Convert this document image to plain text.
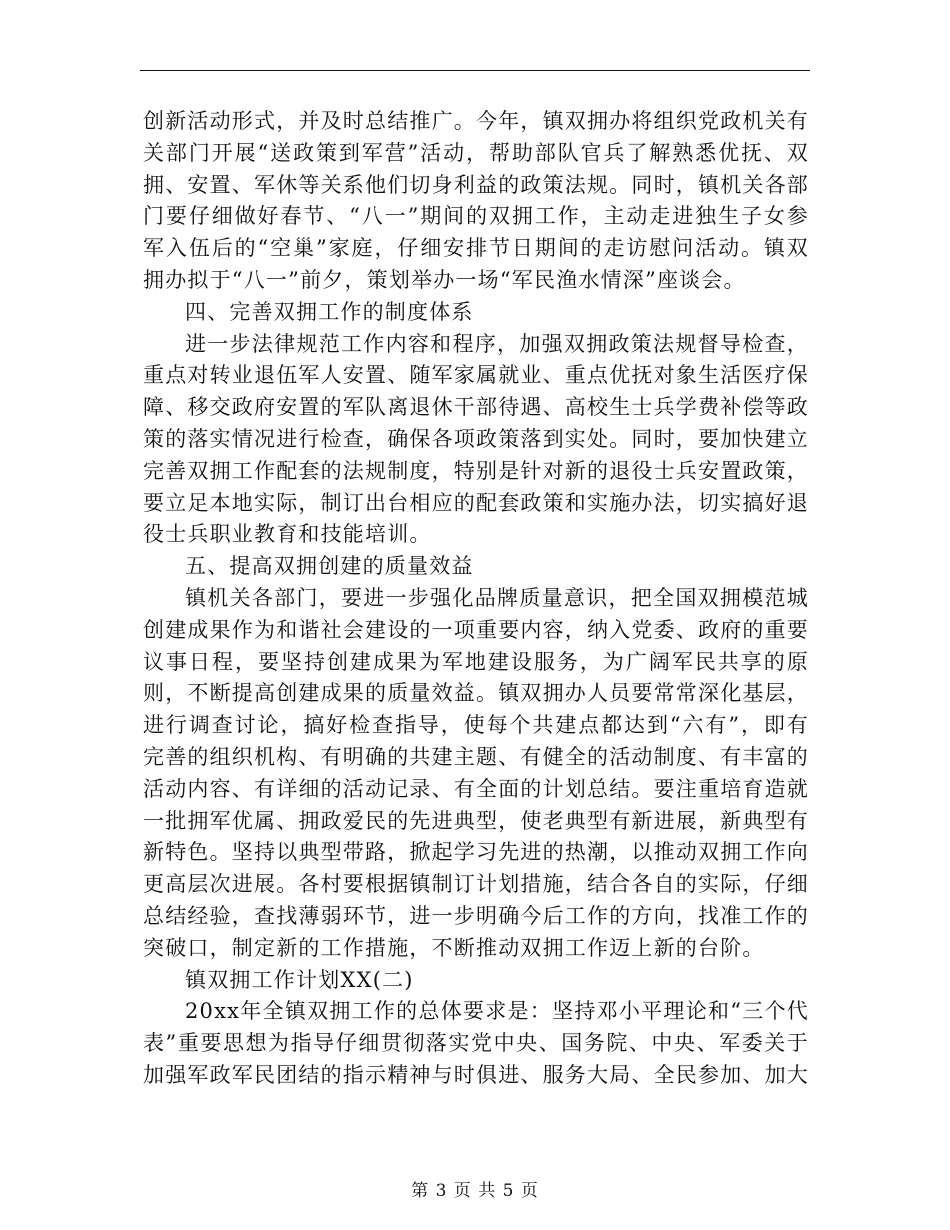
创新活动形式，并及时总结推广。今年，镇双拥办将组织党政机关有关部门开展“送政策到军营”活动，帮助部队官兵了解熟悉优抚、双拥、安置、军休等关系他们切身利益的政策法规。同时，镇机关各部门要仔细做好春节、“八一”期间的双拥工作，主动走进独生子女参军入伍后的“空巢”家庭，仔细安排节日期间的走访慰问活动。镇双拥办拟于“八一”前夕，策划举办一场“军民渔水情深”座谈会。

四、完善双拥工作的制度体系

进一步法律规范工作内容和程序，加强双拥政策法规督导检查，重点对转业退伍军人安置、随军家属就业、重点优抚对象生活医疗保障、移交政府安置的军队离退休干部待遇、高校生士兵学费补偿等政策的落实情况进行检查，确保各项政策落到实处。同时，要加快建立完善双拥工作配套的法规制度，特别是针对新的退役士兵安置政策，要立足本地实际，制订出台相应的配套政策和实施办法，切实搞好退役士兵职业教育和技能培训。

五、提高双拥创建的质量效益

镇机关各部门，要进一步强化品牌质量意识，把全国双拥模范城创建成果作为和谐社会建设的一项重要内容，纳入党委、政府的重要议事日程，要坚持创建成果为军地建设服务，为广阔军民共享的原则，不断提高创建成果的质量效益。镇双拥办人员要常常深化基层，进行调查讨论，搞好检查指导，使每个共建点都达到“六有”，即有完善的组织机构、有明确的共建主题、有健全的活动制度、有丰富的活动内容、有详细的活动记录、有全面的计划总结。要注重培育造就一批拥军优属、拥政爱民的先进典型，使老典型有新进展，新典型有新特色。坚持以典型带路，掀起学习先进的热潮，以推动双拥工作向更高层次进展。各村要根据镇制订计划措施，结合各自的实际，仔细总结经验，查找薄弱环节，进一步明确今后工作的方向，找准工作的突破口，制定新的工作措施，不断推动双拥工作迈上新的台阶。

镇双拥工作计划XX(二)

20xx年全镇双拥工作的总体要求是：坚持邓小平理论和“三个代表”重要思想为指导仔细贯彻落实党中央、国务院、中央、军委关于加强军政军民团结的指示精神与时俱进、服务大局、全民参加、加大

第 3 页 共 5 页
